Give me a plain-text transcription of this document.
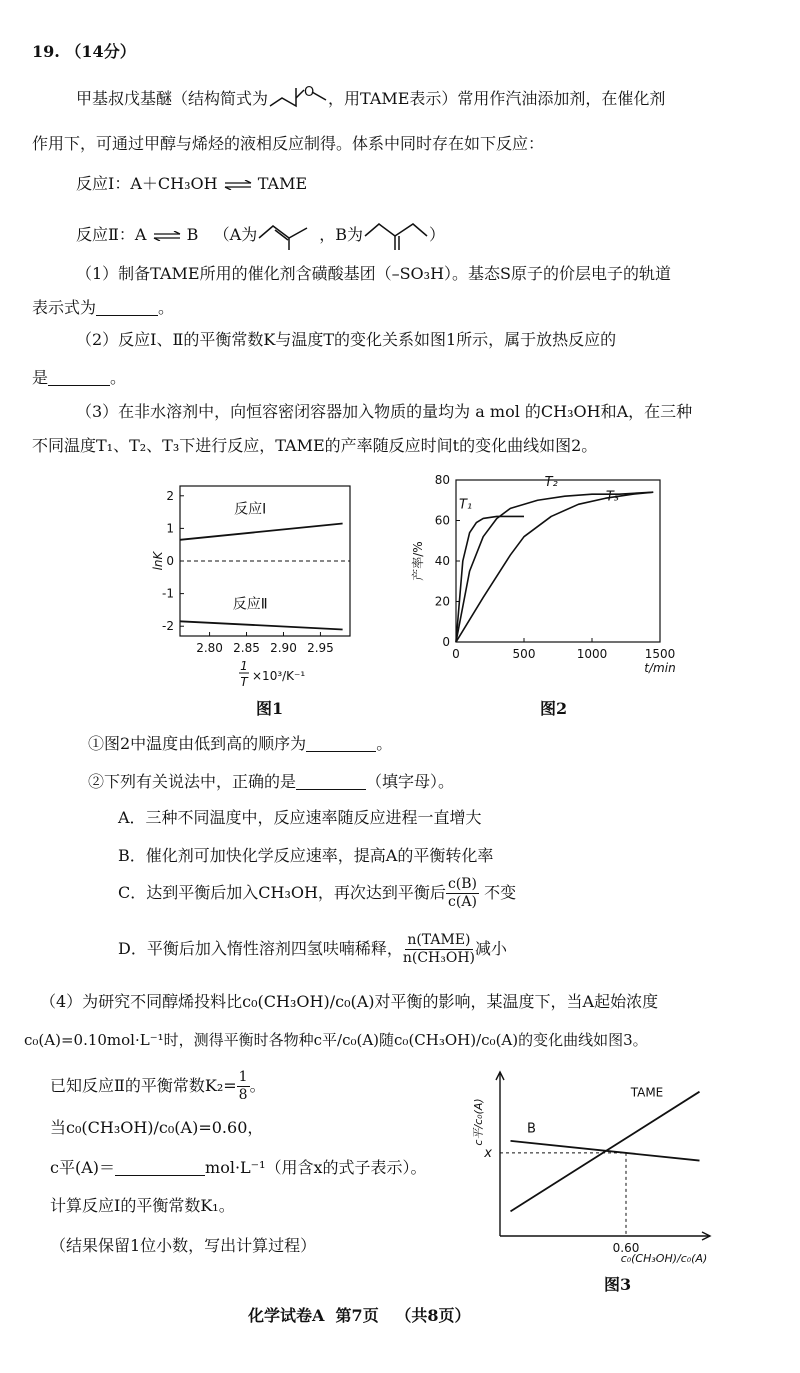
19. （14分）
甲基叔戊基醚（结构简式为	O ，用TAME表示）常用作汽油添加剂，在催化剂
作用下，可通过甲醇与烯烃的液相反应制得。体系中同时存在如下反应：
反应Ⅰ：A＋CH₃OH ⇌ TAME
反应Ⅱ：A ⇌ B （A为	，B为	）
（1）制备TAME所用的催化剂含磺酸基团（–SO₃H）。基态S原子的价层电子的轨道
表示式为	。
（2）反应Ⅰ、Ⅱ的平衡常数K与温度T的变化关系如图1所示，属于放热反应的
是	。
（3）在非水溶剂中，向恒容密闭容器加入物质的量均为 a mol 的CH₃OH和A，在三种
不同温度T₁、T₂、T₃下进行反应，TAME的产率随反应时间t的变化曲线如图2。
2
1
0
-1
-2
2.80 2.85 2.90 2.95
反应Ⅰ
反应Ⅱ
lnK
1
T ×10³/K⁻¹
图1
80
60
40
20
0
0	500	1000	1500
T₁
T₂
T₃
产率/%
t/min
图2
①图2中温度由低到高的顺序为	。
②下列有关说法中，正确的是	（填字母）。
A．三种不同温度中，反应速率随反应进程一直增大
B．催化剂可加快化学反应速率，提高A的平衡转化率
C．达到平衡后加入CH₃OH，再次达到平衡后 $\frac{c(B)}{c(A)}$ 不变
D．平衡后加入惰性溶剂四氢呋喃稀释， $\frac{\text{n(TAME)}}{\text{n(CH₃OH)}}$ 减小
（4）为研究不同醇烯投料比c₀(CH₃OH)/c₀(A)对平衡的影响，某温度下，当A起始浓度
c₀(A)=0.10mol·L⁻¹时，测得平衡时各物种c平/c₀(A)随c₀(CH₃OH)/c₀(A)的变化曲线如图3。
已知反应Ⅱ的平衡常数$K_2= \frac{1}{8}$ 。
当c₀(CH₃OH)/c₀(A)=0.60，
c平(A)＝	mol·L⁻¹（用含x的式子表示）。
计算反应Ⅰ的平衡常数K₁。
（结果保留1位小数，写出计算过程）
x
0.60
TAME
B
c平/c₀(A)
c₀(CH₃OH)/c₀(A)
图3
化学试卷A  第7页   （共8页）
